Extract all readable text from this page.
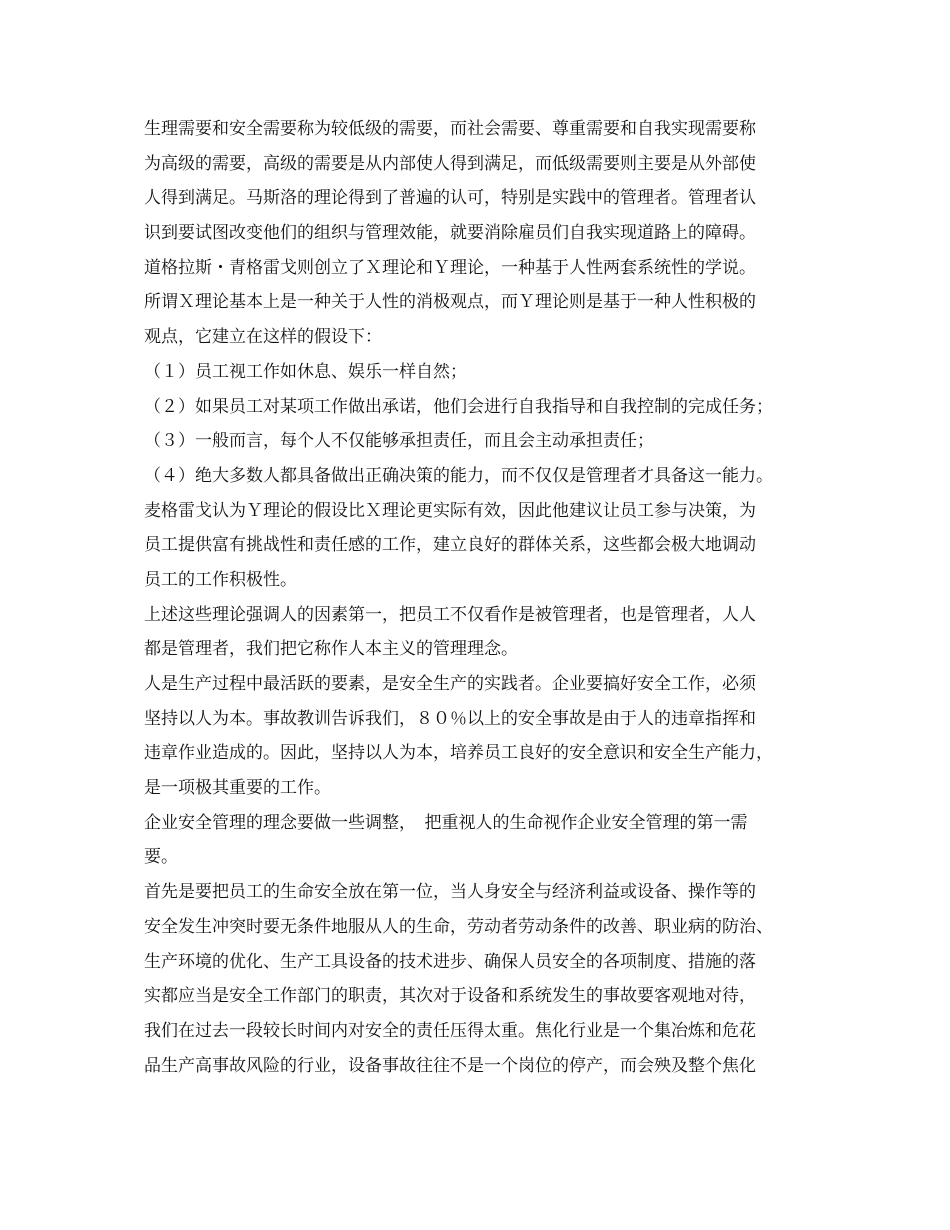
生理需要和安全需要称为较低级的需要，而社会需要、尊重需要和自我实现需要称
为高级的需要，高级的需要是从内部使人得到满足，而低级需要则主要是从外部使
人得到满足。马斯洛的理论得到了普遍的认可，特别是实践中的管理者。管理者认
识到要试图改变他们的组织与管理效能，就要消除雇员们自我实现道路上的障碍。
道格拉斯・青格雷戈则创立了Ｘ理论和Ｙ理论，一种基于人性两套系统性的学说。
所谓Ｘ理论基本上是一种关于人性的消极观点，而Ｙ理论则是基于一种人性积极的
观点，它建立在这样的假设下：
（１）员工视工作如休息、娱乐一样自然；
（２）如果员工对某项工作做出承诺，他们会进行自我指导和自我控制的完成任务；
（３）一般而言，每个人不仅能够承担责任，而且会主动承担责任；
（４）绝大多数人都具备做出正确决策的能力，而不仅仅是管理者才具备这一能力。
麦格雷戈认为Ｙ理论的假设比Ｘ理论更实际有效，因此他建议让员工参与决策，为
员工提供富有挑战性和责任感的工作，建立良好的群体关系，这些都会极大地调动
员工的工作积极性。
上述这些理论强调人的因素第一，把员工不仅看作是被管理者，也是管理者，人人
都是管理者，我们把它称作人本主义的管理理念。
人是生产过程中最活跃的要素，是安全生产的实践者。企业要搞好安全工作，必须
坚持以人为本。事故教训告诉我们，８０％以上的安全事故是由于人的违章指挥和
违章作业造成的。因此，坚持以人为本，培养员工良好的安全意识和安全生产能力，
是一项极其重要的工作。
企业安全管理的理念要做一些调整，　把重视人的生命视作企业安全管理的第一需
要。
首先是要把员工的生命安全放在第一位，当人身安全与经济利益或设备、操作等的
安全发生冲突时要无条件地服从人的生命，劳动者劳动条件的改善、职业病的防治、
生产环境的优化、生产工具设备的技术进步、确保人员安全的各项制度、措施的落
实都应当是安全工作部门的职责，其次对于设备和系统发生的事故要客观地对待，
我们在过去一段较长时间内对安全的责任压得太重。焦化行业是一个集冶炼和危花
品生产高事故风险的行业，设备事故往往不是一个岗位的停产，而会殃及整个焦化
